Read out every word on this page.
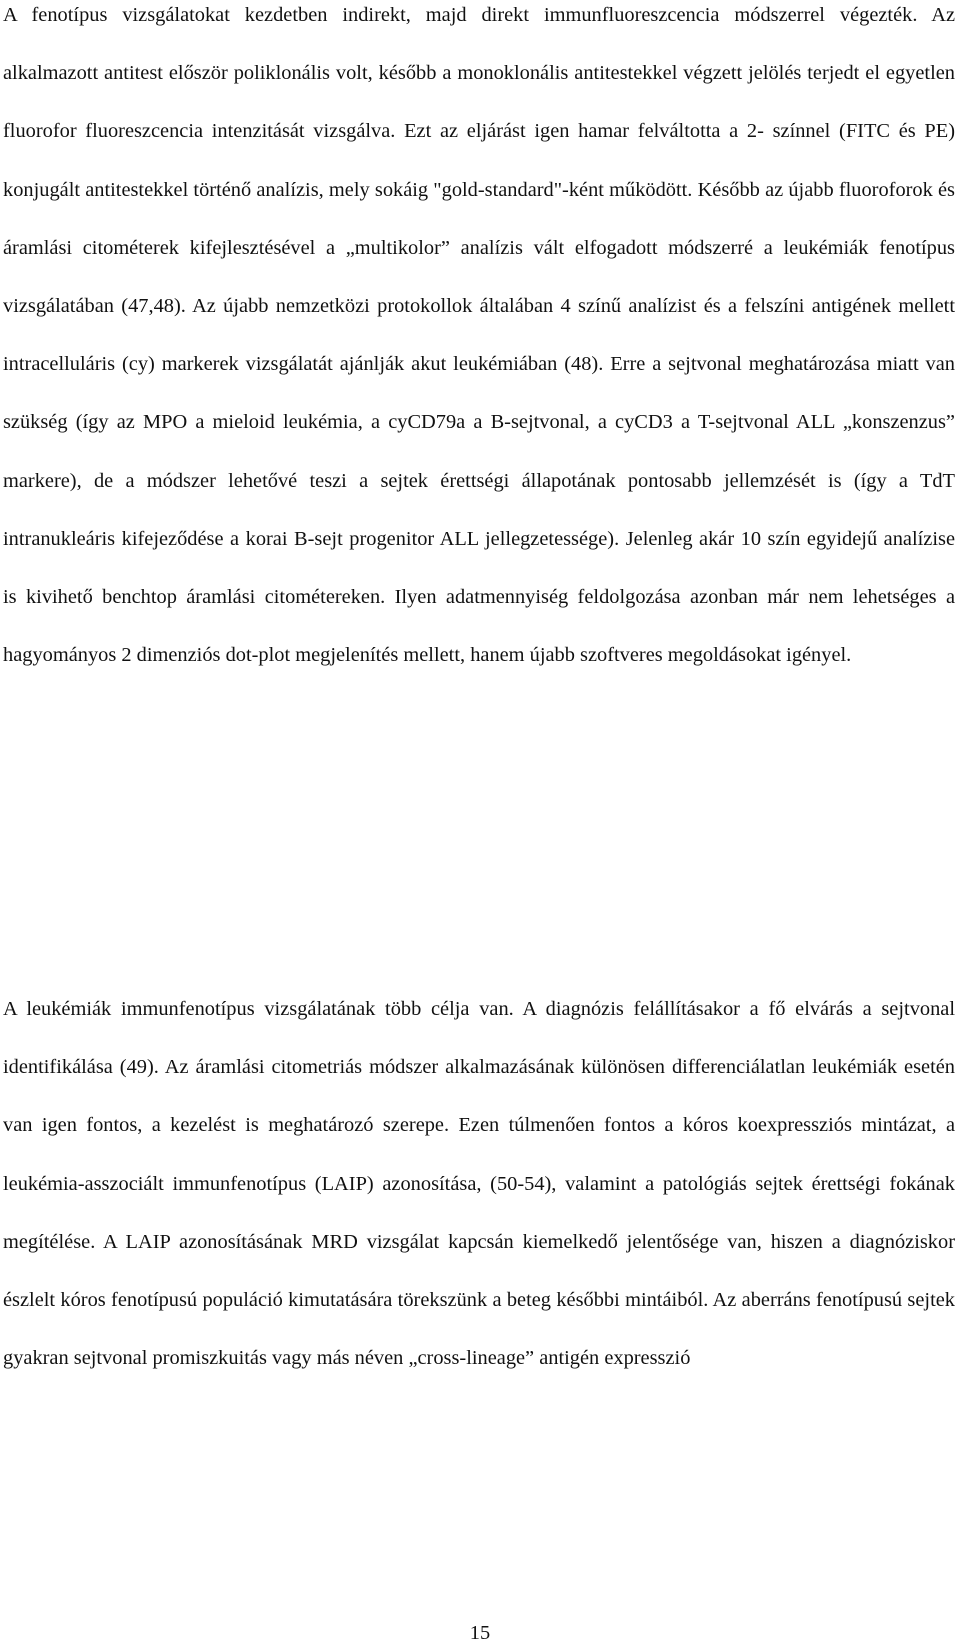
A fenotípus vizsgálatokat kezdetben indirekt, majd direkt immunfluoreszcencia módszerrel végezték. Az alkalmazott antitest először poliklonális volt, később a monoklonális antitestekkel végzett jelölés terjedt el egyetlen fluorofor fluoreszcencia intenzitását vizsgálva. Ezt az eljárást igen hamar felváltotta a 2- színnel (FITC és PE) konjugált antitestekkel történő analízis, mely sokáig "gold-standard"-ként működött. Később az újabb fluoroforok és áramlási citométerek kifejlesztésével a „multikolor” analízis vált elfogadott módszerré a leukémiák fenotípus vizsgálatában (47,48). Az újabb nemzetközi protokollok általában 4 színű analízist és a felszíni antigének mellett intracelluláris (cy) markerek vizsgálatát ajánlják akut leukémiában (48). Erre a sejtvonal meghatározása miatt van szükség (így az MPO a mieloid leukémia, a cyCD79a a B-sejtvonal, a cyCD3 a T-sejtvonal ALL „konszenzus” markere), de a módszer lehetővé teszi a sejtek érettségi állapotának pontosabb jellemzését is (így a TdT intranukleáris kifejeződése a korai B-sejt progenitor ALL jellegzetessége). Jelenleg akár 10 szín egyidejű analízise is kivihető benchtop áramlási citométereken. Ilyen adatmennyiség feldolgozása azonban már nem lehetséges a hagyományos 2 dimenziós dot-plot megjelenítés mellett, hanem újabb szoftveres megoldásokat igényel.

A leukémiák immunfenotípus vizsgálatának több célja van. A diagnózis felállításakor a fő elvárás a sejtvonal identifikálása (49). Az áramlási citometriás módszer alkalmazásának különösen differenciálatlan leukémiák esetén van igen fontos, a kezelést is meghatározó szerepe. Ezen túlmenően fontos a kóros koexpressziós mintázat, a leukémia-asszociált immunfenotípus (LAIP) azonosítása, (50-54), valamint a patológiás sejtek érettségi fokának megítélése. A LAIP azonosításának MRD vizsgálat kapcsán kiemelkedő jelentősége van, hiszen a diagnóziskor észlelt kóros fenotípusú populáció kimutatására törekszünk a beteg későbbi mintáiból. Az aberráns fenotípusú sejtek gyakran sejtvonal promiszkuitás vagy más néven „cross-lineage” antigén expresszió

15
